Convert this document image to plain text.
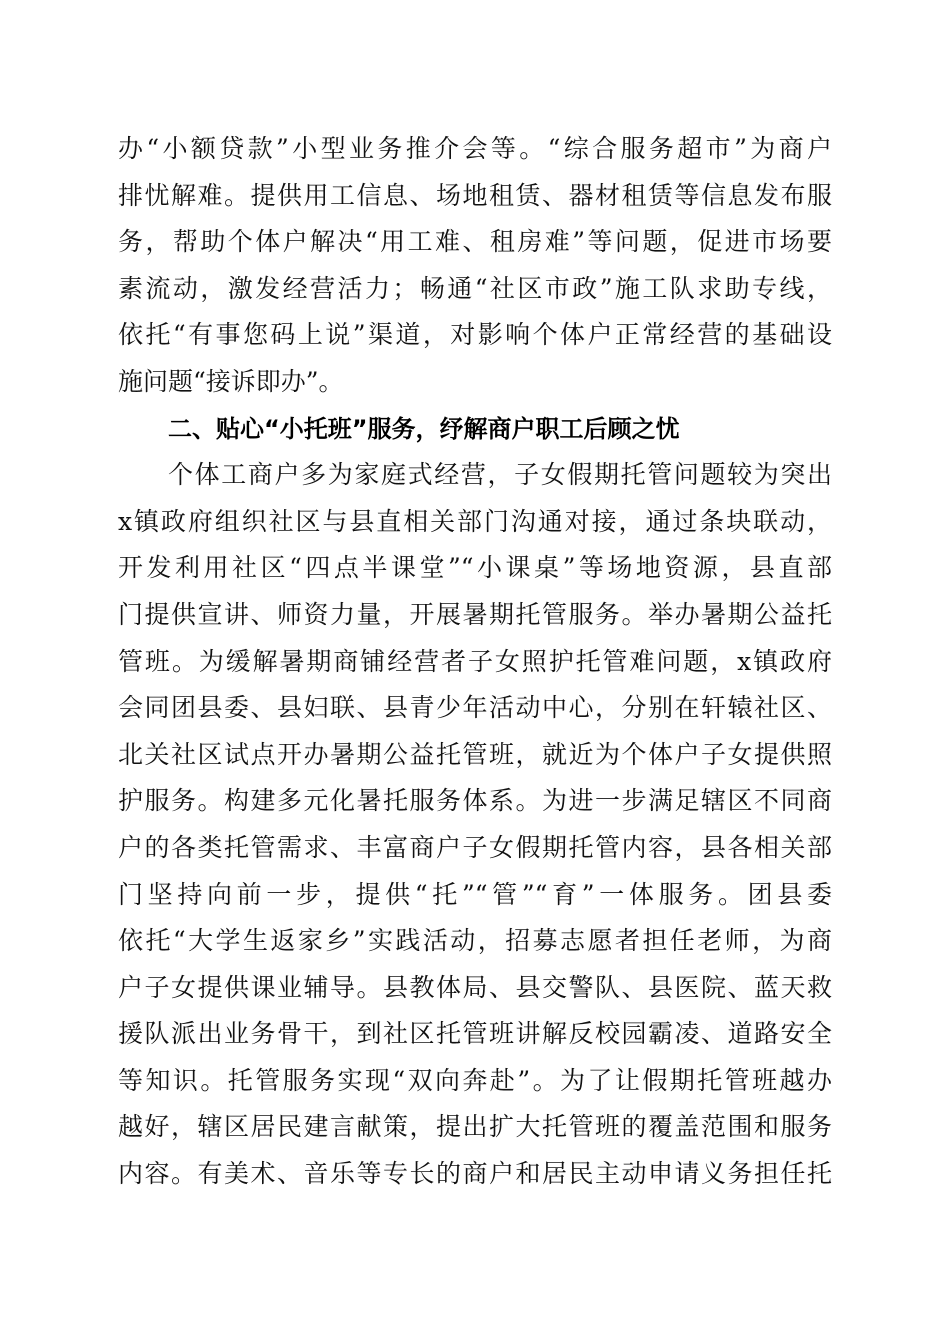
办“小额贷款”小型业务推介会等。“综合服务超市”为商户
排忧解难。提供用工信息、场地租赁、器材租赁等信息发布服
务，帮助个体户解决“用工难、租房难”等问题，促进市场要
素流动，激发经营活力；畅通“社区市政”施工队求助专线，
依托“有事您码上说”渠道，对影响个体户正常经营的基础设
施问题“接诉即办”。
二、贴心“小托班”服务，纾解商户职工后顾之忧
个体工商户多为家庭式经营，子女假期托管问题较为突出
x镇政府组织社区与县直相关部门沟通对接，通过条块联动，
开发利用社区“四点半课堂”“小课桌”等场地资源，县直部
门提供宣讲、师资力量，开展暑期托管服务。举办暑期公益托
管班。为缓解暑期商铺经营者子女照护托管难问题，x镇政府
会同团县委、县妇联、县青少年活动中心，分别在轩辕社区、
北关社区试点开办暑期公益托管班，就近为个体户子女提供照
护服务。构建多元化暑托服务体系。为进一步满足辖区不同商
户的各类托管需求、丰富商户子女假期托管内容，县各相关部
门坚持向前一步，提供“托”“管”“育”一体服务。团县委
依托“大学生返家乡”实践活动，招募志愿者担任老师，为商
户子女提供课业辅导。县教体局、县交警队、县医院、蓝天救
援队派出业务骨干，到社区托管班讲解反校园霸凌、道路安全
等知识。托管服务实现“双向奔赴”。为了让假期托管班越办
越好，辖区居民建言献策，提出扩大托管班的覆盖范围和服务
内容。有美术、音乐等专长的商户和居民主动申请义务担任托
